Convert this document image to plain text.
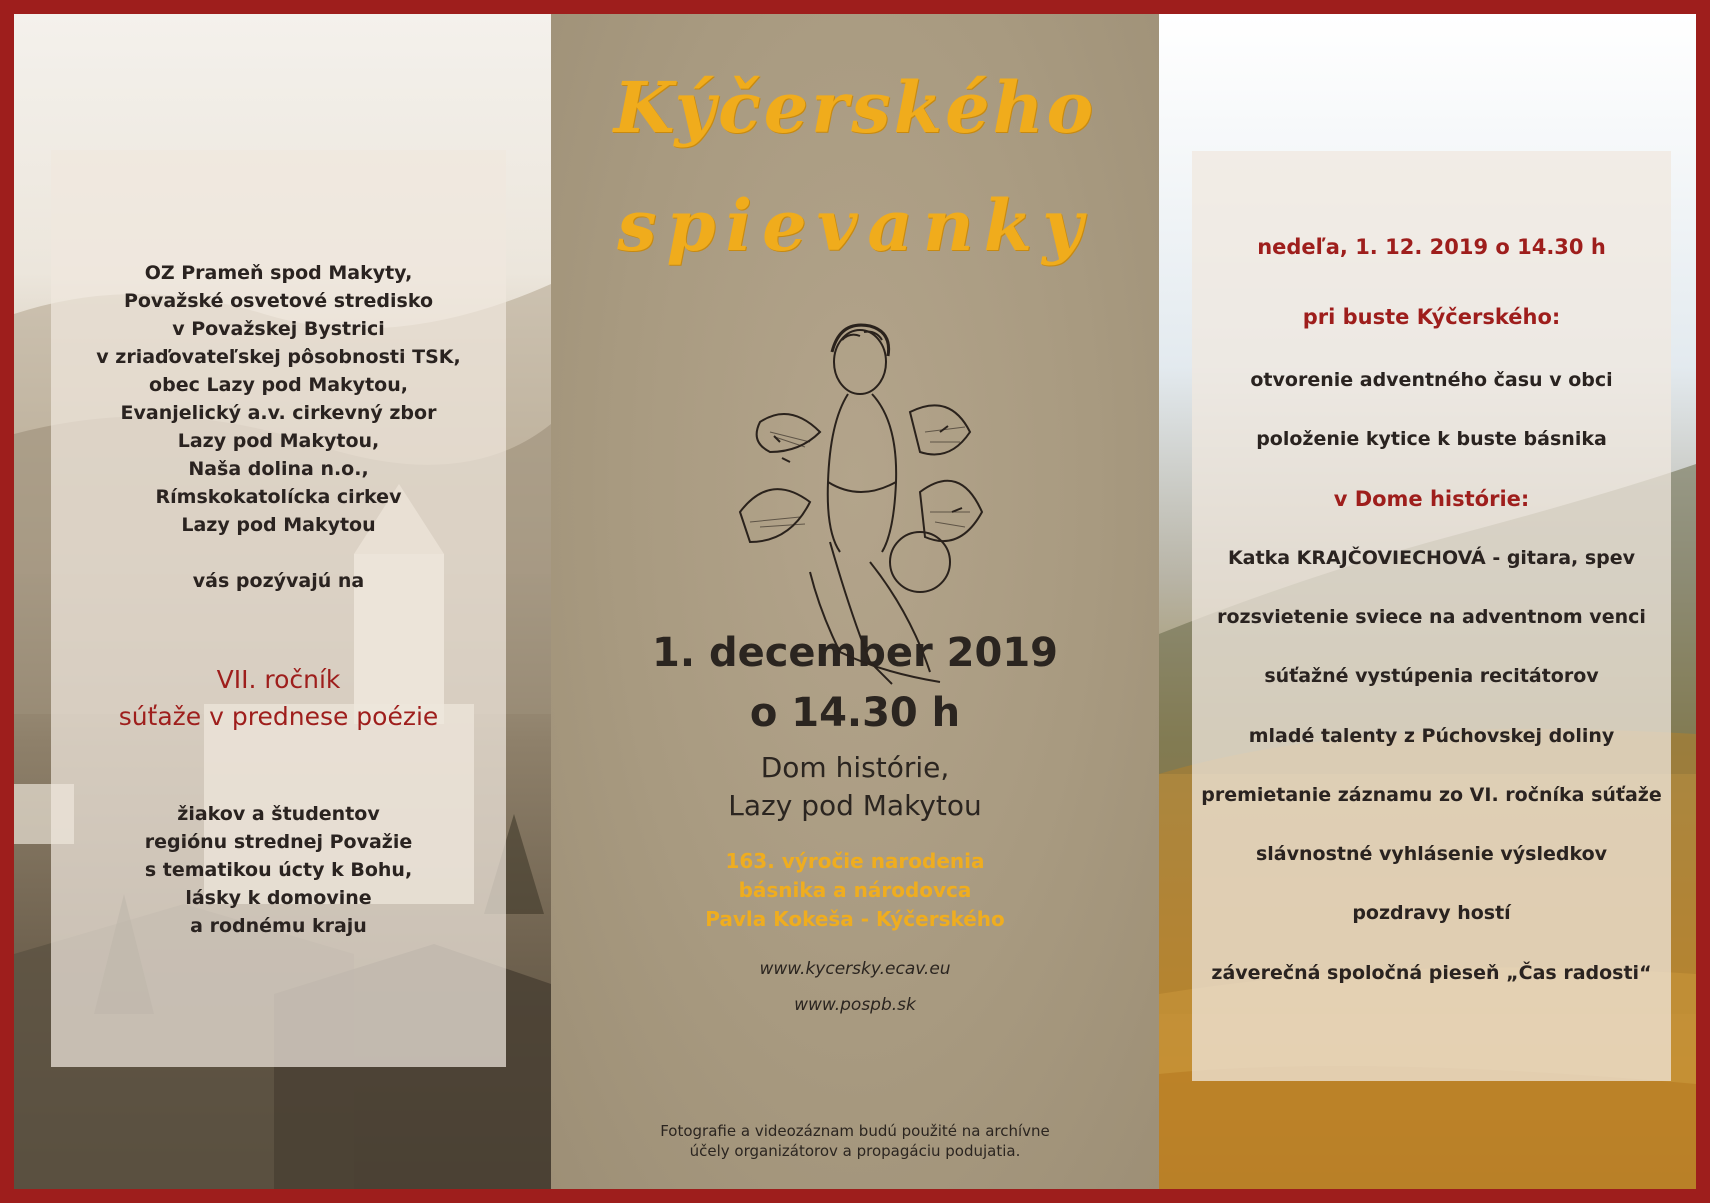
Kýčerského
spievanky
1. december 2019
o 14.30 h
Dom histórie,
Lazy pod Makytou
163. výročie narodenia
básnika a národovca
Pavla Kokeša - Kýčerského
www.kycersky.ecav.eu
www.pospb.sk
Fotografie a videozáznam budú použité na archívne
účely organizátorov a propagáciu podujatia.
OZ Prameň spod Makyty,
Považské osvetové stredisko
v Považskej Bystrici
v zriaďovateľskej pôsobnosti TSK,
obec Lazy pod Makytou,
Evanjelický a.v. cirkevný zbor
Lazy pod Makytou,
Naša dolina n.o.,
Rímskokatolícka cirkev
Lazy pod Makytou
vás pozývajú na
VII. ročník
súťaže v prednese poézie
žiakov a študentov
regiónu strednej Považie
s tematikou úcty k Bohu,
lásky k domovine
a rodnému kraju
nedeľa, 1. 12. 2019 o 14.30 h
pri buste Kýčerského:
otvorenie adventného času v obci
položenie kytice k buste básnika
v Dome histórie:
Katka KRAJČOVIECHOVÁ - gitara, spev
rozsvietenie sviece na adventnom venci
súťažné vystúpenia recitátorov
mladé talenty z Púchovskej doliny
premietanie záznamu zo VI. ročníka súťaže
slávnostné vyhlásenie výsledkov
pozdravy hostí
záverečná spoločná pieseň „Čas radosti“
